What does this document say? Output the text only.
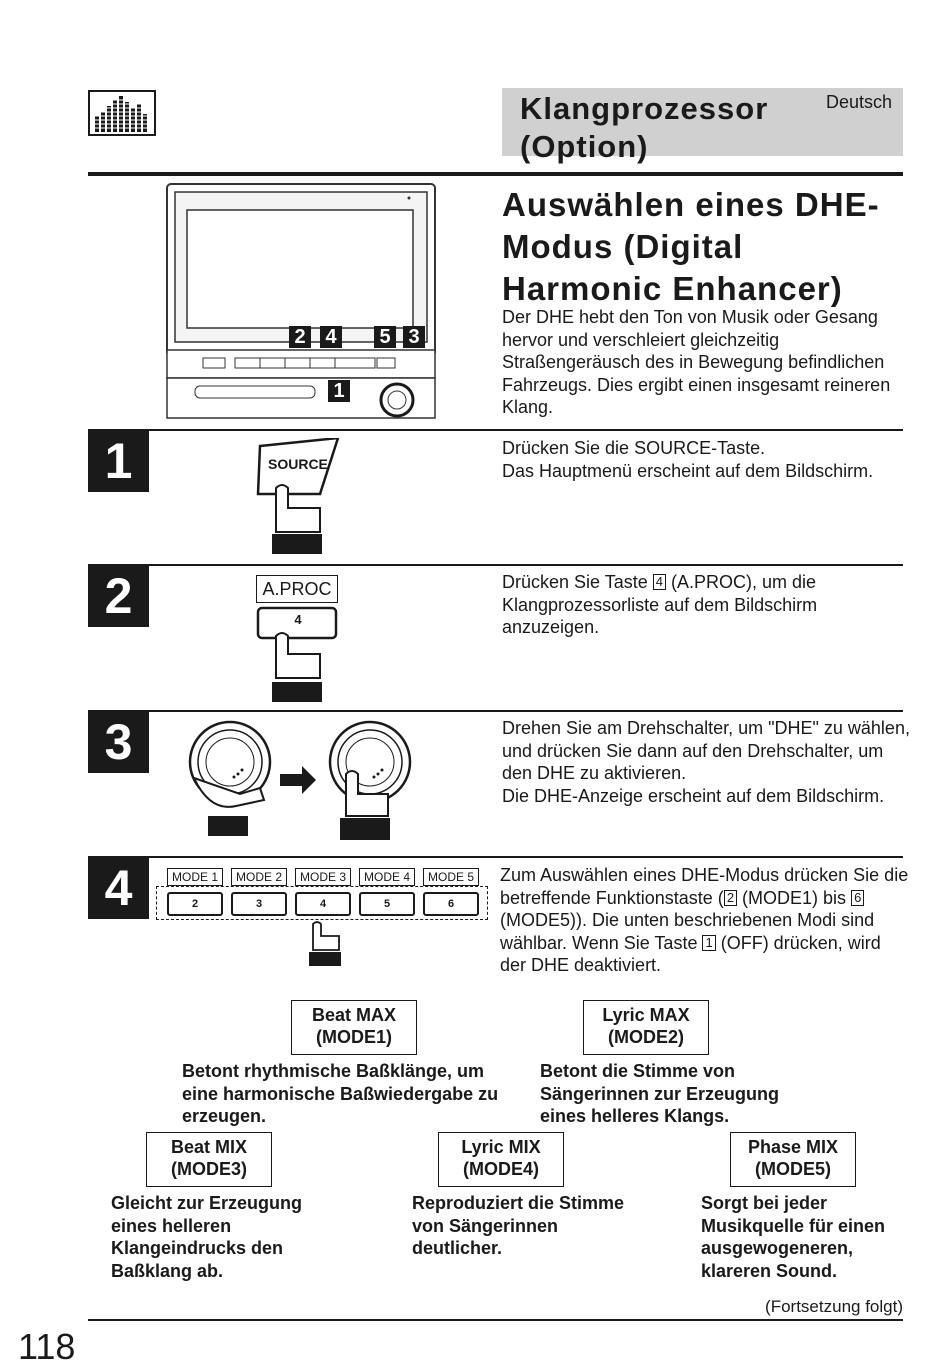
Klangprozessor (Option)
Deutsch
2 4 5 3
1
Auswählen eines DHE-Modus (Digital Harmonic Enhancer)
Der DHE hebt den Ton von Musik oder Gesang hervor und verschleiert gleichzeitig Straßengeräusch des in Bewegung befindlichen Fahrzeugs. Dies ergibt einen insgesamt reineren Klang.
1	SOURCE
Drücken Sie die SOURCE-Taste.
Das Hauptmenü erscheint auf dem Bildschirm.
2	A.PROC
4
Drücken Sie Taste 4 (A.PROC), um die Klangprozessorliste auf dem Bildschirm anzuzeigen.
3	Drehen Sie am Drehschalter, um "DHE" zu wählen, und drücken Sie dann auf den Drehschalter, um den DHE zu aktivieren.
Die DHE-Anzeige erscheint auf dem Bildschirm.
4	MODE 1	MODE 2	MODE 3	MODE 4	MODE 5
2	3	4	5	6
Zum Auswählen eines DHE-Modus drücken Sie die betreffende Funktionstaste ( 2 (MODE1) bis 6 (MODE5)). Die unten beschriebenen Modi sind wählbar. Wenn Sie Taste 1 (OFF) drücken, wird der DHE deaktiviert.
Beat MAX
(MODE1)
Betont rhythmische Baßklänge, um eine harmonische Baßwiedergabe zu erzeugen.
Lyric MAX
(MODE2)
Betont die Stimme von Sängerinnen zur Erzeugung eines helleres Klangs.
Beat MIX
(MODE3)
Gleicht zur Erzeugung eines helleren Klangeindrucks den Baßklang ab.
Lyric MIX
(MODE4)
Reproduziert die Stimme von Sängerinnen deutlicher.
Phase MIX
(MODE5)
Sorgt bei jeder Musikquelle für einen ausgewogeneren, klareren Sound.
(Fortsetzung folgt)
118
